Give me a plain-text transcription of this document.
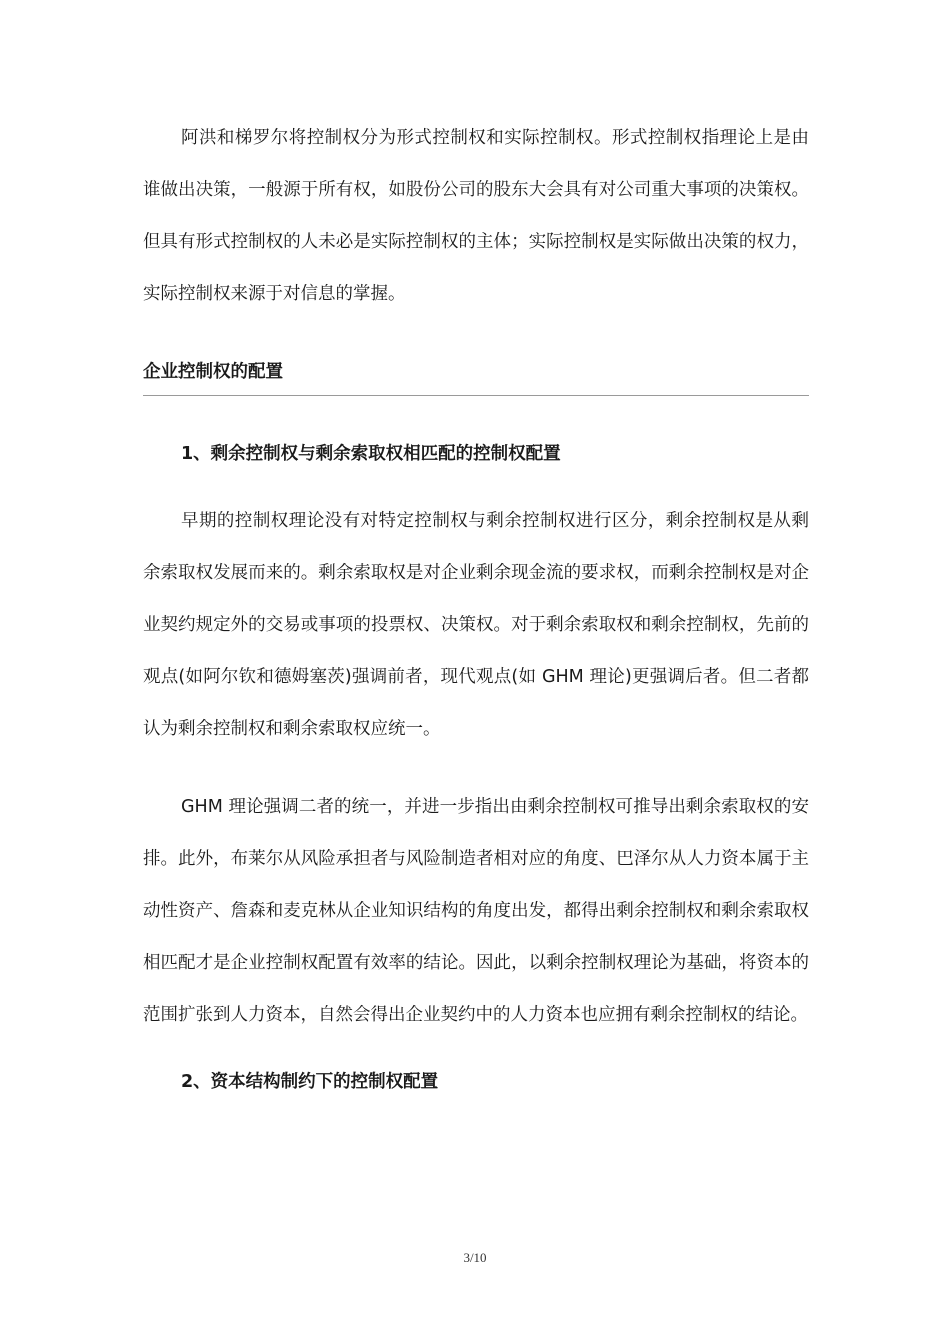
阿洪和梯罗尔将控制权分为形式控制权和实际控制权。形式控制权指理论上是由谁做出决策，一般源于所有权，如股份公司的股东大会具有对公司重大事项的决策权。但具有形式控制权的人未必是实际控制权的主体；实际控制权是实际做出决策的权力，实际控制权来源于对信息的掌握。

企业控制权的配置

1、剩余控制权与剩余索取权相匹配的控制权配置

早期的控制权理论没有对特定控制权与剩余控制权进行区分，剩余控制权是从剩余索取权发展而来的。剩余索取权是对企业剩余现金流的要求权，而剩余控制权是对企业契约规定外的交易或事项的投票权、决策权。对于剩余索取权和剩余控制权，先前的观点(如阿尔钦和德姆塞茨)强调前者，现代观点(如 GHM 理论)更强调后者。但二者都认为剩余控制权和剩余索取权应统一。

GHM 理论强调二者的统一，并进一步指出由剩余控制权可推导出剩余索取权的安排。此外，布莱尔从风险承担者与风险制造者相对应的角度、巴泽尔从人力资本属于主动性资产、詹森和麦克林从企业知识结构的角度出发，都得出剩余控制权和剩余索取权相匹配才是企业控制权配置有效率的结论。因此，以剩余控制权理论为基础，将资本的范围扩张到人力资本，自然会得出企业契约中的人力资本也应拥有剩余控制权的结论。

2、资本结构制约下的控制权配置

3/10
